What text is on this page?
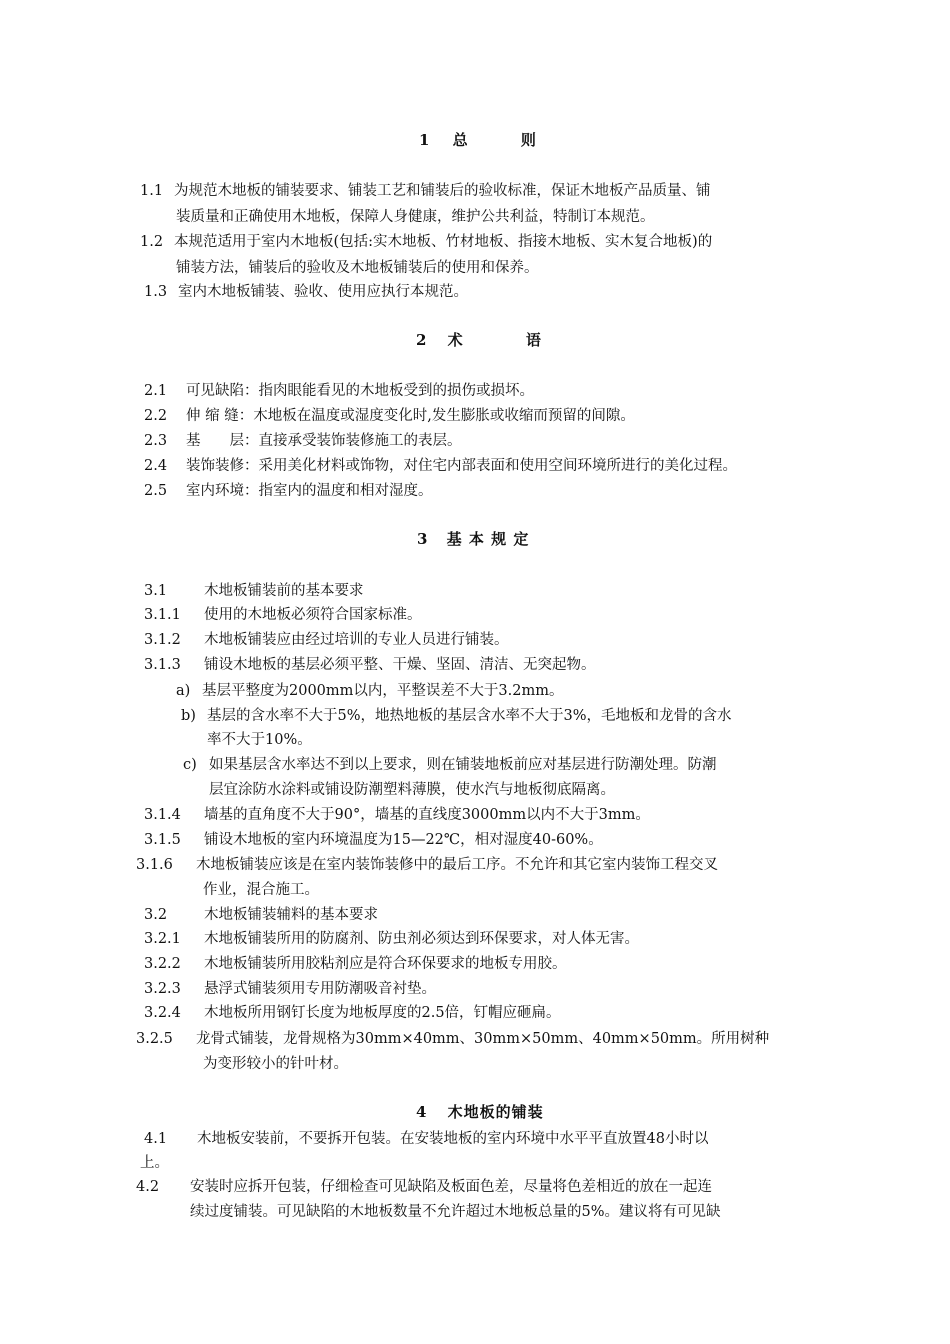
1 总	则
1.1 为规范木地板的铺装要求、铺装工艺和铺装后的验收标准，保证木地板产品质量、铺
装质量和正确使用木地板，保障人身健康，维护公共利益，特制订本规范。
1.2 本规范适用于室内木地板(包括:实木地板、竹材地板、指接木地板、实木复合地板)的
铺装方法，铺装后的验收及木地板铺装后的使用和保养。
1.3 室内木地板铺装、验收、使用应执行本规范。
2 术	语
2.1 可见缺陷：指肉眼能看见的木地板受到的损伤或损坏。
2.2 伸 缩 缝：木地板在温度或湿度变化时,发生膨胀或收缩而预留的间隙。
2.3 基　　层：直接承受装饰装修施工的表层。
2.4 装饰装修：采用美化材料或饰物，对住宅内部表面和使用空间环境所进行的美化过程。
2.5 室内环境：指室内的温度和相对湿度。
3 基 本 规 定
3.1	木地板铺装前的基本要求
3.1.1 使用的木地板必须符合国家标准。
3.1.2 木地板铺装应由经过培训的专业人员进行铺装。
3.1.3 铺设木地板的基层必须平整、干燥、坚固、清洁、无突起物。
a) 基层平整度为2000mm以内，平整误差不大于3.2mm。
b) 基层的含水率不大于5%，地热地板的基层含水率不大于3%，毛地板和龙骨的含水
率不大于10%。
c) 如果基层含水率达不到以上要求，则在铺装地板前应对基层进行防潮处理。防潮
层宜涂防水涂料或铺设防潮塑料薄膜，使水汽与地板彻底隔离。
3.1.4 墙基的直角度不大于90°，墙基的直线度3000mm以内不大于3mm。
3.1.5 铺设木地板的室内环境温度为15—22℃，相对湿度40-60%。
3.1.6 木地板铺装应该是在室内装饰装修中的最后工序。不允许和其它室内装饰工程交叉
作业，混合施工。
3.2	木地板铺装辅料的基本要求
3.2.1 木地板铺装所用的防腐剂、防虫剂必须达到环保要求，对人体无害。
3.2.2 木地板铺装所用胶粘剂应是符合环保要求的地板专用胶。
3.2.3 悬浮式铺装须用专用防潮吸音衬垫。
3.2.4 木地板所用钢钉长度为地板厚度的2.5倍，钉帽应砸扁。
3.2.5 龙骨式铺装，龙骨规格为30mm×40mm、30mm×50mm、40mm×50mm。所用树种
为变形较小的针叶材。
4 木地板的铺装
4.1 木地板安装前，不要拆开包装。在安装地板的室内环境中水平平直放置48小时以
上。
4.2 安装时应拆开包装，仔细检查可见缺陷及板面色差，尽量将色差相近的放在一起连
续过度铺装。可见缺陷的木地板数量不允许超过木地板总量的5%。建议将有可见缺
